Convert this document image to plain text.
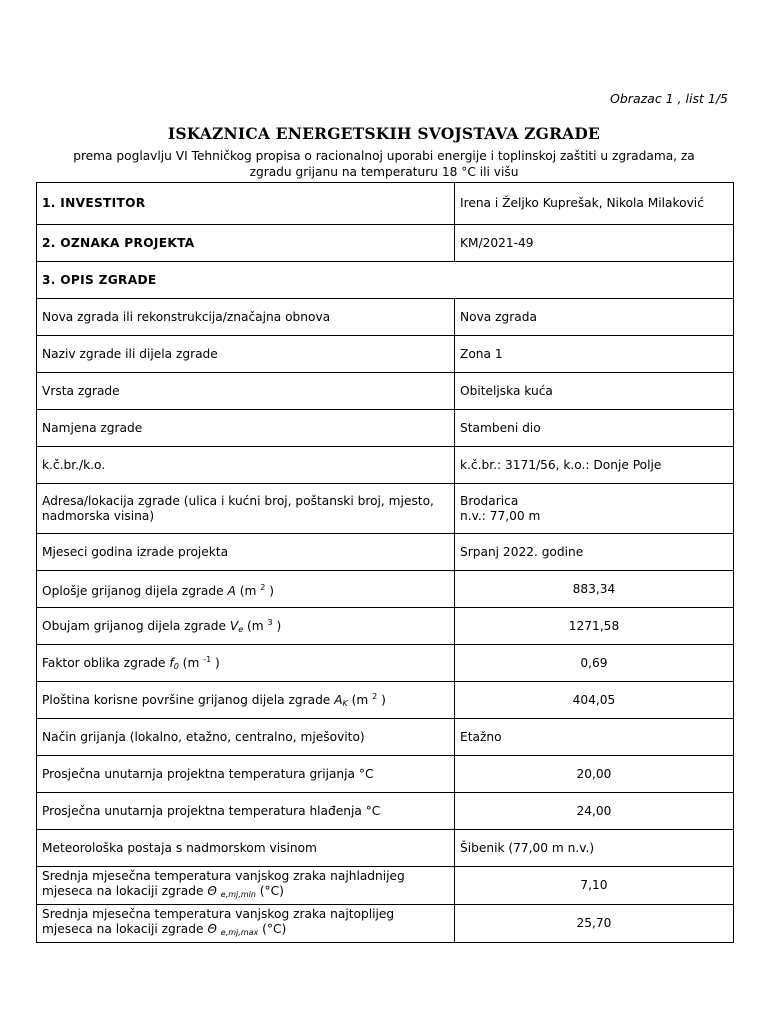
Obrazac 1 , list 1/5
ISKAZNICA ENERGETSKIH SVOJSTAVA ZGRADE
prema poglavlju VI Tehničkog propisa o racionalnoj uporabi energije i toplinskoj zaštiti u zgradama, za
zgradu grijanu na temperaturu 18 °C ili višu
1. INVESTITOR	Irena i Željko Kuprešak, Nikola Milaković
2. OZNAKA PROJEKTA	KM/2021-49
3. OPIS ZGRADE	
Nova zgrada ili rekonstrukcija/značajna obnova	Nova zgrada
Naziv zgrade ili dijela zgrade	Zona 1
Vrsta zgrade	Obiteljska kuća
Namjena zgrade	Stambeni dio
k.č.br./k.o.	k.č.br.: 3171/56, k.o.: Donje Polje
Adresa/lokacija zgrade (ulica i kućni broj, poštanski broj, mjesto, nadmorska visina)	Brodarica
n.v.: 77,00 m

Mjeseci godina izrade projekta	Srpanj 2022. godine
Oplošje grijanog dijela zgrade A (m $^2$ )	883,34
Obujam grijanog dijela zgrade $V_e$ (m $^3$ )	1271,58
Faktor oblika zgrade $f_0$ (m $^{-1}$ )	0,69
Ploština korisne površine grijanog dijela zgrade $A_K$ (m $^2$ )	404,05
Način grijanja (lokalno, etažno, centralno, mješovito)	Etažno
Prosječna unutarnja projektna temperatura grijanja °C	20,00
Prosječna unutarnja projektna temperatura hlađenja °C	24,00
Meteorološka postaja s nadmorskom visinom	Šibenik (77,00 m n.v.)

Srednja mjesečna temperatura vanjskog zraka najhladnijeg
mjeseca na lokaciji zgrade Θ $_{e,mj,min}$ (°C)	7,10

Srednja mjesečna temperatura vanjskog zraka najtoplijeg
mjeseca na lokaciji zgrade Θ $_{e,mj,max}$ (°C)	25,70
